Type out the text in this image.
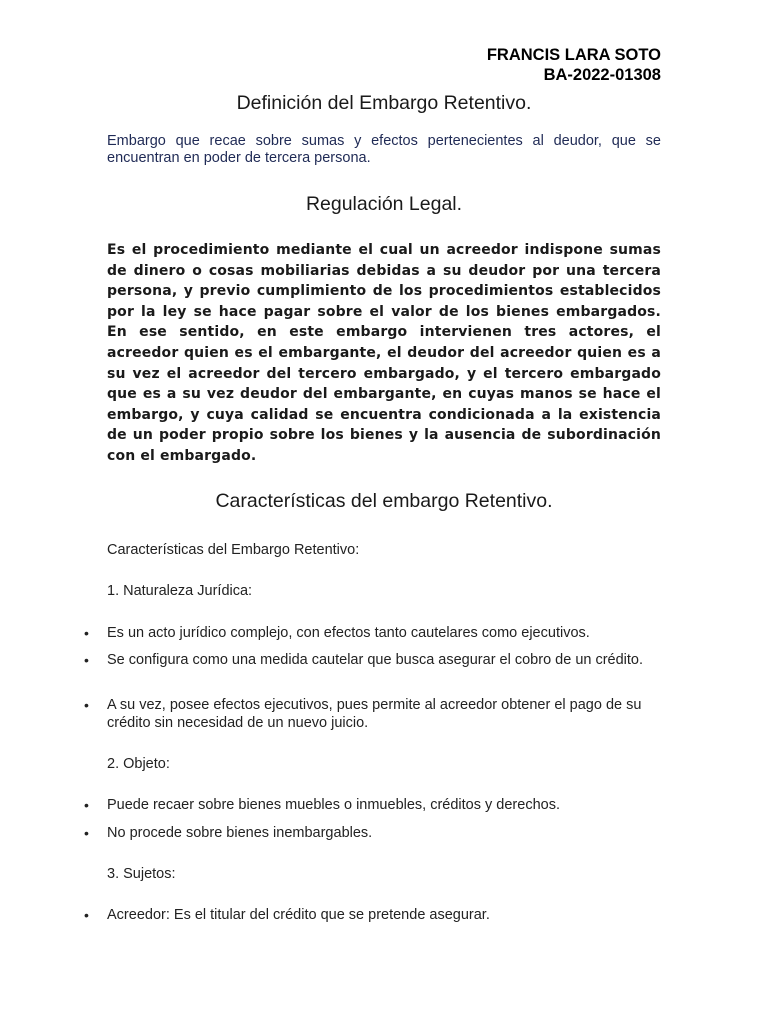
FRANCIS LARA SOTO
BA-2022-01308
Definición del Embargo Retentivo.

Embargo que recae sobre sumas y efectos pertenecientes al deudor, que se encuentran en poder de tercera persona.

Regulación Legal.

Es el procedimiento mediante el cual un acreedor indispone sumas de dinero o cosas mobiliarias debidas a su deudor por una tercera persona, y previo cumplimiento de los procedimientos establecidos por la ley se hace pagar sobre el valor de los bienes embargados. En ese sentido, en este embargo intervienen tres actores, el acreedor quien es el embargante, el deudor del acreedor quien es a su vez el acreedor del tercero embargado, y el tercero embargado que es a su vez deudor del embargante, en cuyas manos se hace el embargo, y cuya calidad se encuentra condicionada a la existencia de un poder propio sobre los bienes y la ausencia de subordinación con el embargado.

Características del embargo Retentivo.
Características del Embargo Retentivo:
1. Naturaleza Jurídica:
• Es un acto jurídico complejo, con efectos tanto cautelares como ejecutivos.
• Se configura como una medida cautelar que busca asegurar el cobro de un crédito.
• A su vez, posee efectos ejecutivos, pues permite al acreedor obtener el pago de su crédito sin necesidad de un nuevo juicio.
2. Objeto:
• Puede recaer sobre bienes muebles o inmuebles, créditos y derechos.
• No procede sobre bienes inembargables.
3. Sujetos:
• Acreedor: Es el titular del crédito que se pretende asegurar.
